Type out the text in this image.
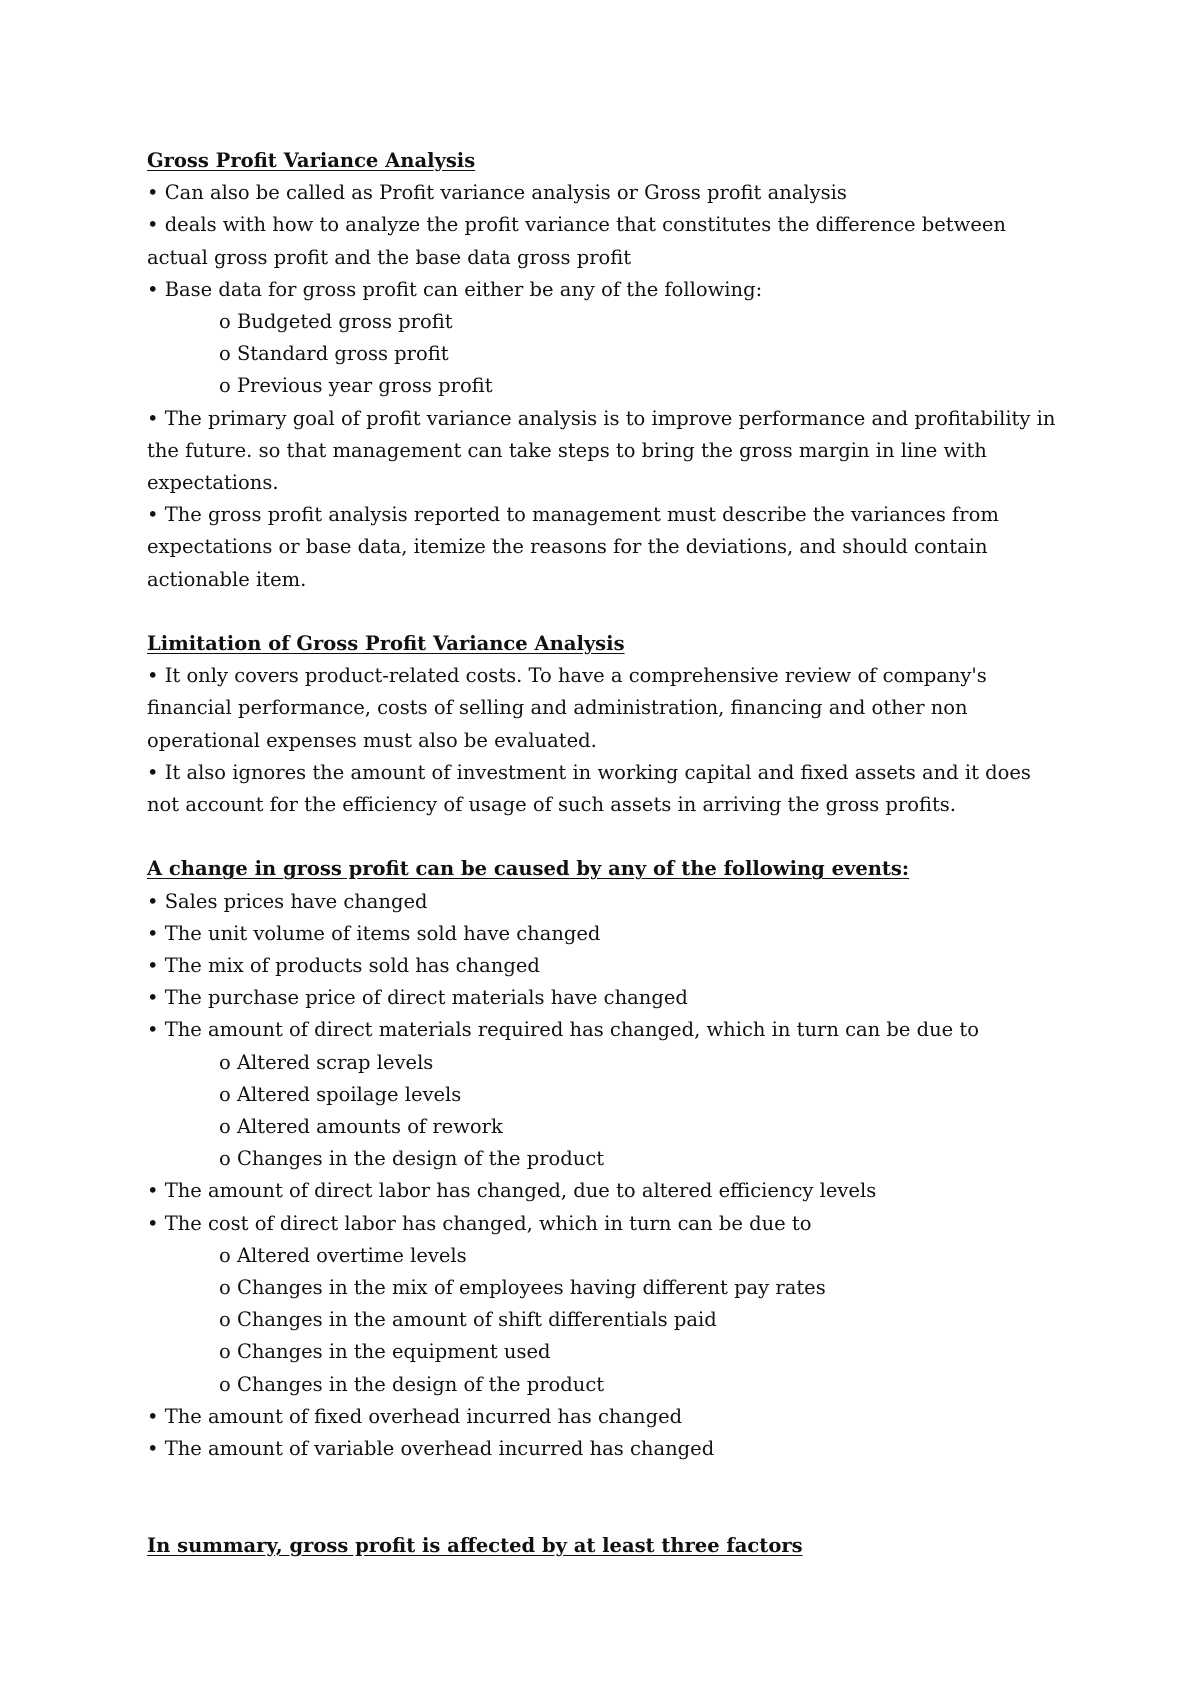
Gross Profit Variance Analysis

• Can also be called as Profit variance analysis or Gross profit analysis

• deals with how to analyze the profit variance that constitutes the difference between actual gross profit and the base data gross profit

• Base data for gross profit can either be any of the following:

o Budgeted gross profit

o Standard gross profit

o Previous year gross profit

• The primary goal of profit variance analysis is to improve performance and profitability in the future. so that management can take steps to bring the gross margin in line with expectations.

• The gross profit analysis reported to management must describe the variances from expectations or base data, itemize the reasons for the deviations, and should contain actionable item.

Limitation of Gross Profit Variance Analysis

• It only covers product-related costs. To have a comprehensive review of company's financial performance, costs of selling and administration, financing and other non operational expenses must also be evaluated.

• It also ignores the amount of investment in working capital and fixed assets and it does not account for the efficiency of usage of such assets in arriving the gross profits.

A change in gross profit can be caused by any of the following events:

• Sales prices have changed

• The unit volume of items sold have changed

• The mix of products sold has changed

• The purchase price of direct materials have changed

• The amount of direct materials required has changed, which in turn can be due to

o Altered scrap levels

o Altered spoilage levels

o Altered amounts of rework

o Changes in the design of the product

• The amount of direct labor has changed, due to altered efficiency levels

• The cost of direct labor has changed, which in turn can be due to

o Altered overtime levels

o Changes in the mix of employees having different pay rates

o Changes in the amount of shift differentials paid

o Changes in the equipment used

o Changes in the design of the product

• The amount of fixed overhead incurred has changed

• The amount of variable overhead incurred has changed

In summary, gross profit is affected by at least three factors
